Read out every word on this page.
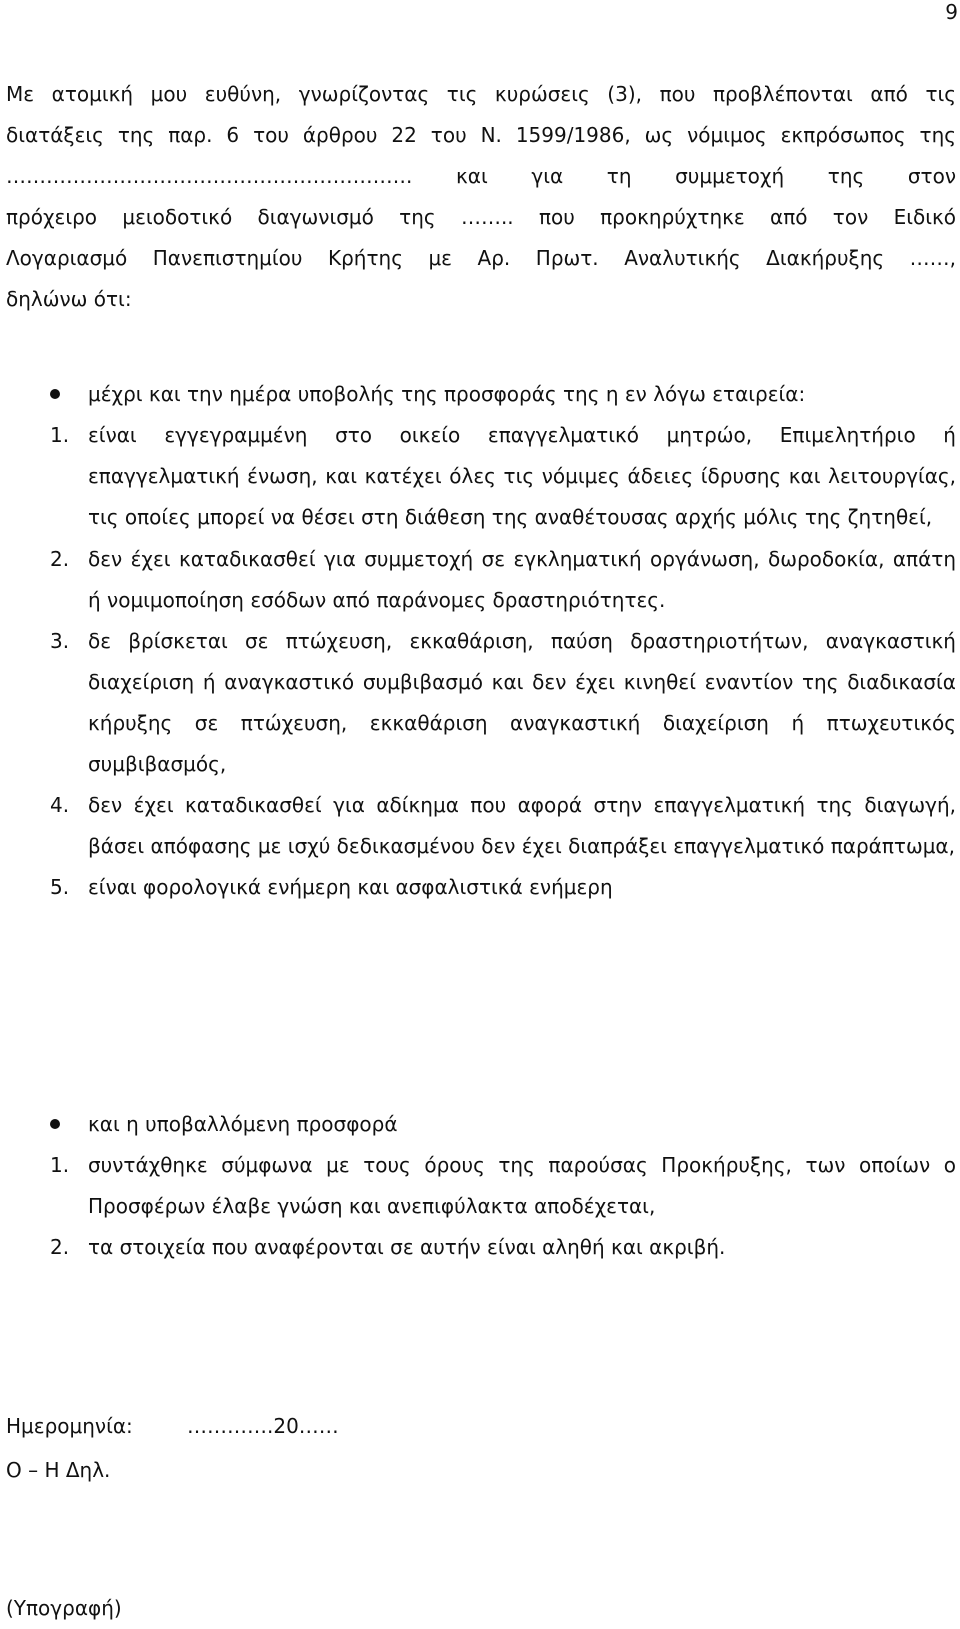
9
Με ατομική μου ευθύνη, γνωρίζοντας τις κυρώσεις (3), που προβλέπονται από τις
διατάξεις της παρ. 6 του άρθρου 22 του Ν. 1599/1986, ως νόμιμος εκπρόσωπος της
……………………………………………………. και για τη συμμετοχή της στον
πρόχειρο μειοδοτικό διαγωνισμό της …….. που προκηρύχτηκε από τον Ειδικό
Λογαριασμό Πανεπιστημίου Κρήτης με Αρ. Πρωτ. Αναλυτικής Διακήρυξης ……,
δηλώνω ότι:
μέχρι και την ημέρα υποβολής της προσφοράς της η εν λόγω εταιρεία:
1. είναι εγγεγραμμένη στο οικείο επαγγελματικό μητρώο, Επιμελητήριο ή επαγγελματική ένωση, και κατέχει όλες τις νόμιμες άδειες ίδρυσης και λειτουργίας, τις οποίες μπορεί να θέσει στη διάθεση της αναθέτουσας αρχής μόλις της ζητηθεί,
2. δεν έχει καταδικασθεί για συμμετοχή σε εγκληματική οργάνωση, δωροδοκία, απάτη ή νομιμοποίηση εσόδων από παράνομες δραστηριότητες.
3. δε βρίσκεται σε πτώχευση, εκκαθάριση, παύση δραστηριοτήτων, αναγκαστική διαχείριση ή αναγκαστικό συμβιβασμό και δεν έχει κινηθεί εναντίον της διαδικασία κήρυξης σε πτώχευση, εκκαθάριση αναγκαστική διαχείριση ή πτωχευτικός συμβιβασμός,
4. δεν έχει καταδικασθεί για αδίκημα που αφορά στην επαγγελματική της διαγωγή, βάσει απόφασης με ισχύ δεδικασμένου δεν έχει διαπράξει επαγγελματικό παράπτωμα,
5. είναι φορολογικά ενήμερη και ασφαλιστικά ενήμερη
και η υποβαλλόμενη προσφορά
1. συντάχθηκε σύμφωνα με τους όρους της παρούσας Προκήρυξης, των οποίων ο Προσφέρων έλαβε γνώση και ανεπιφύλακτα αποδέχεται,
2. τα στοιχεία που αναφέρονται σε αυτήν είναι αληθή και ακριβή.
Ημερομηνία:	………….20……
Ο – Η Δηλ.
(Υπογραφή)
